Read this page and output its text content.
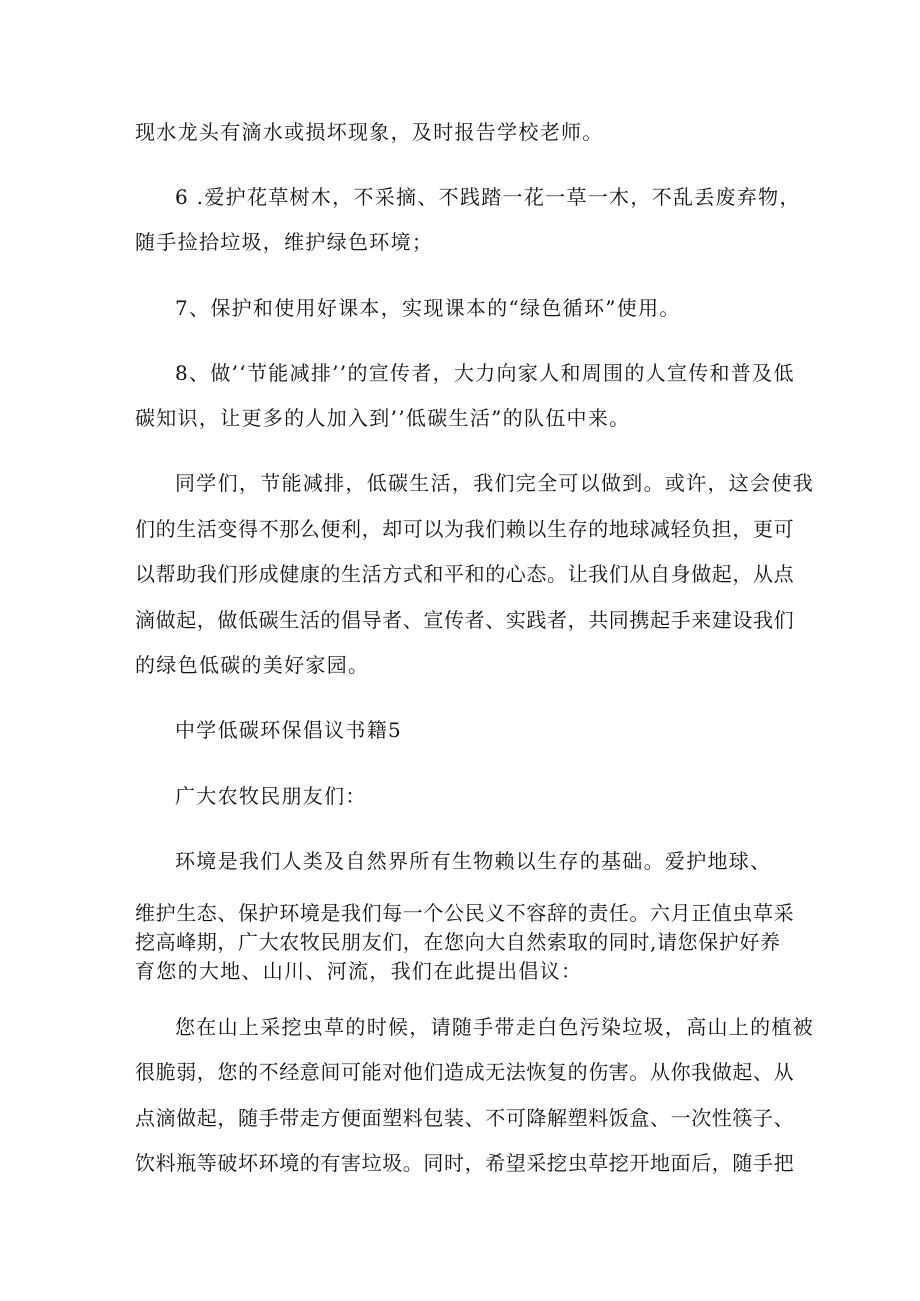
现水龙头有滴水或损坏现象，及时报告学校老师。
6 .爱护花草树木，不采摘、不践踏一花一草一木，不乱丢废弃物，
随手捡拾垃圾，维护绿色环境；
7、保护和使用好课本，实现课本的“绿色循环”使用。
8、做’‘节能减排’’的宣传者，大力向家人和周围的人宣传和普及低
碳知识，让更多的人加入到’’低碳生活”的队伍中来。
同学们，节能减排，低碳生活，我们完全可以做到。或许，这会使我
们的生活变得不那么便利，却可以为我们赖以生存的地球减轻负担，更可
以帮助我们形成健康的生活方式和平和的心态。让我们从自身做起，从点
滴做起，做低碳生活的倡导者、宣传者、实践者，共同携起手来建设我们
的绿色低碳的美好家园。
中学低碳环保倡议书籍5
广大农牧民朋友们：
环境是我们人类及自然界所有生物赖以生存的基础。爱护地球、
维护生态、保护环境是我们每一个公民义不容辞的责任。六月正值虫草采
挖高峰期，广大农牧民朋友们，在您向大自然索取的同时,请您保护好养
育您的大地、山川、河流，我们在此提出倡议：
您在山上采挖虫草的时候，请随手带走白色污染垃圾，高山上的植被
很脆弱，您的不经意间可能对他们造成无法恢复的伤害。从你我做起、从
点滴做起，随手带走方便面塑料包装、不可降解塑料饭盒、一次性筷子、
饮料瓶等破坏环境的有害垃圾。同时，希望采挖虫草挖开地面后，随手把
